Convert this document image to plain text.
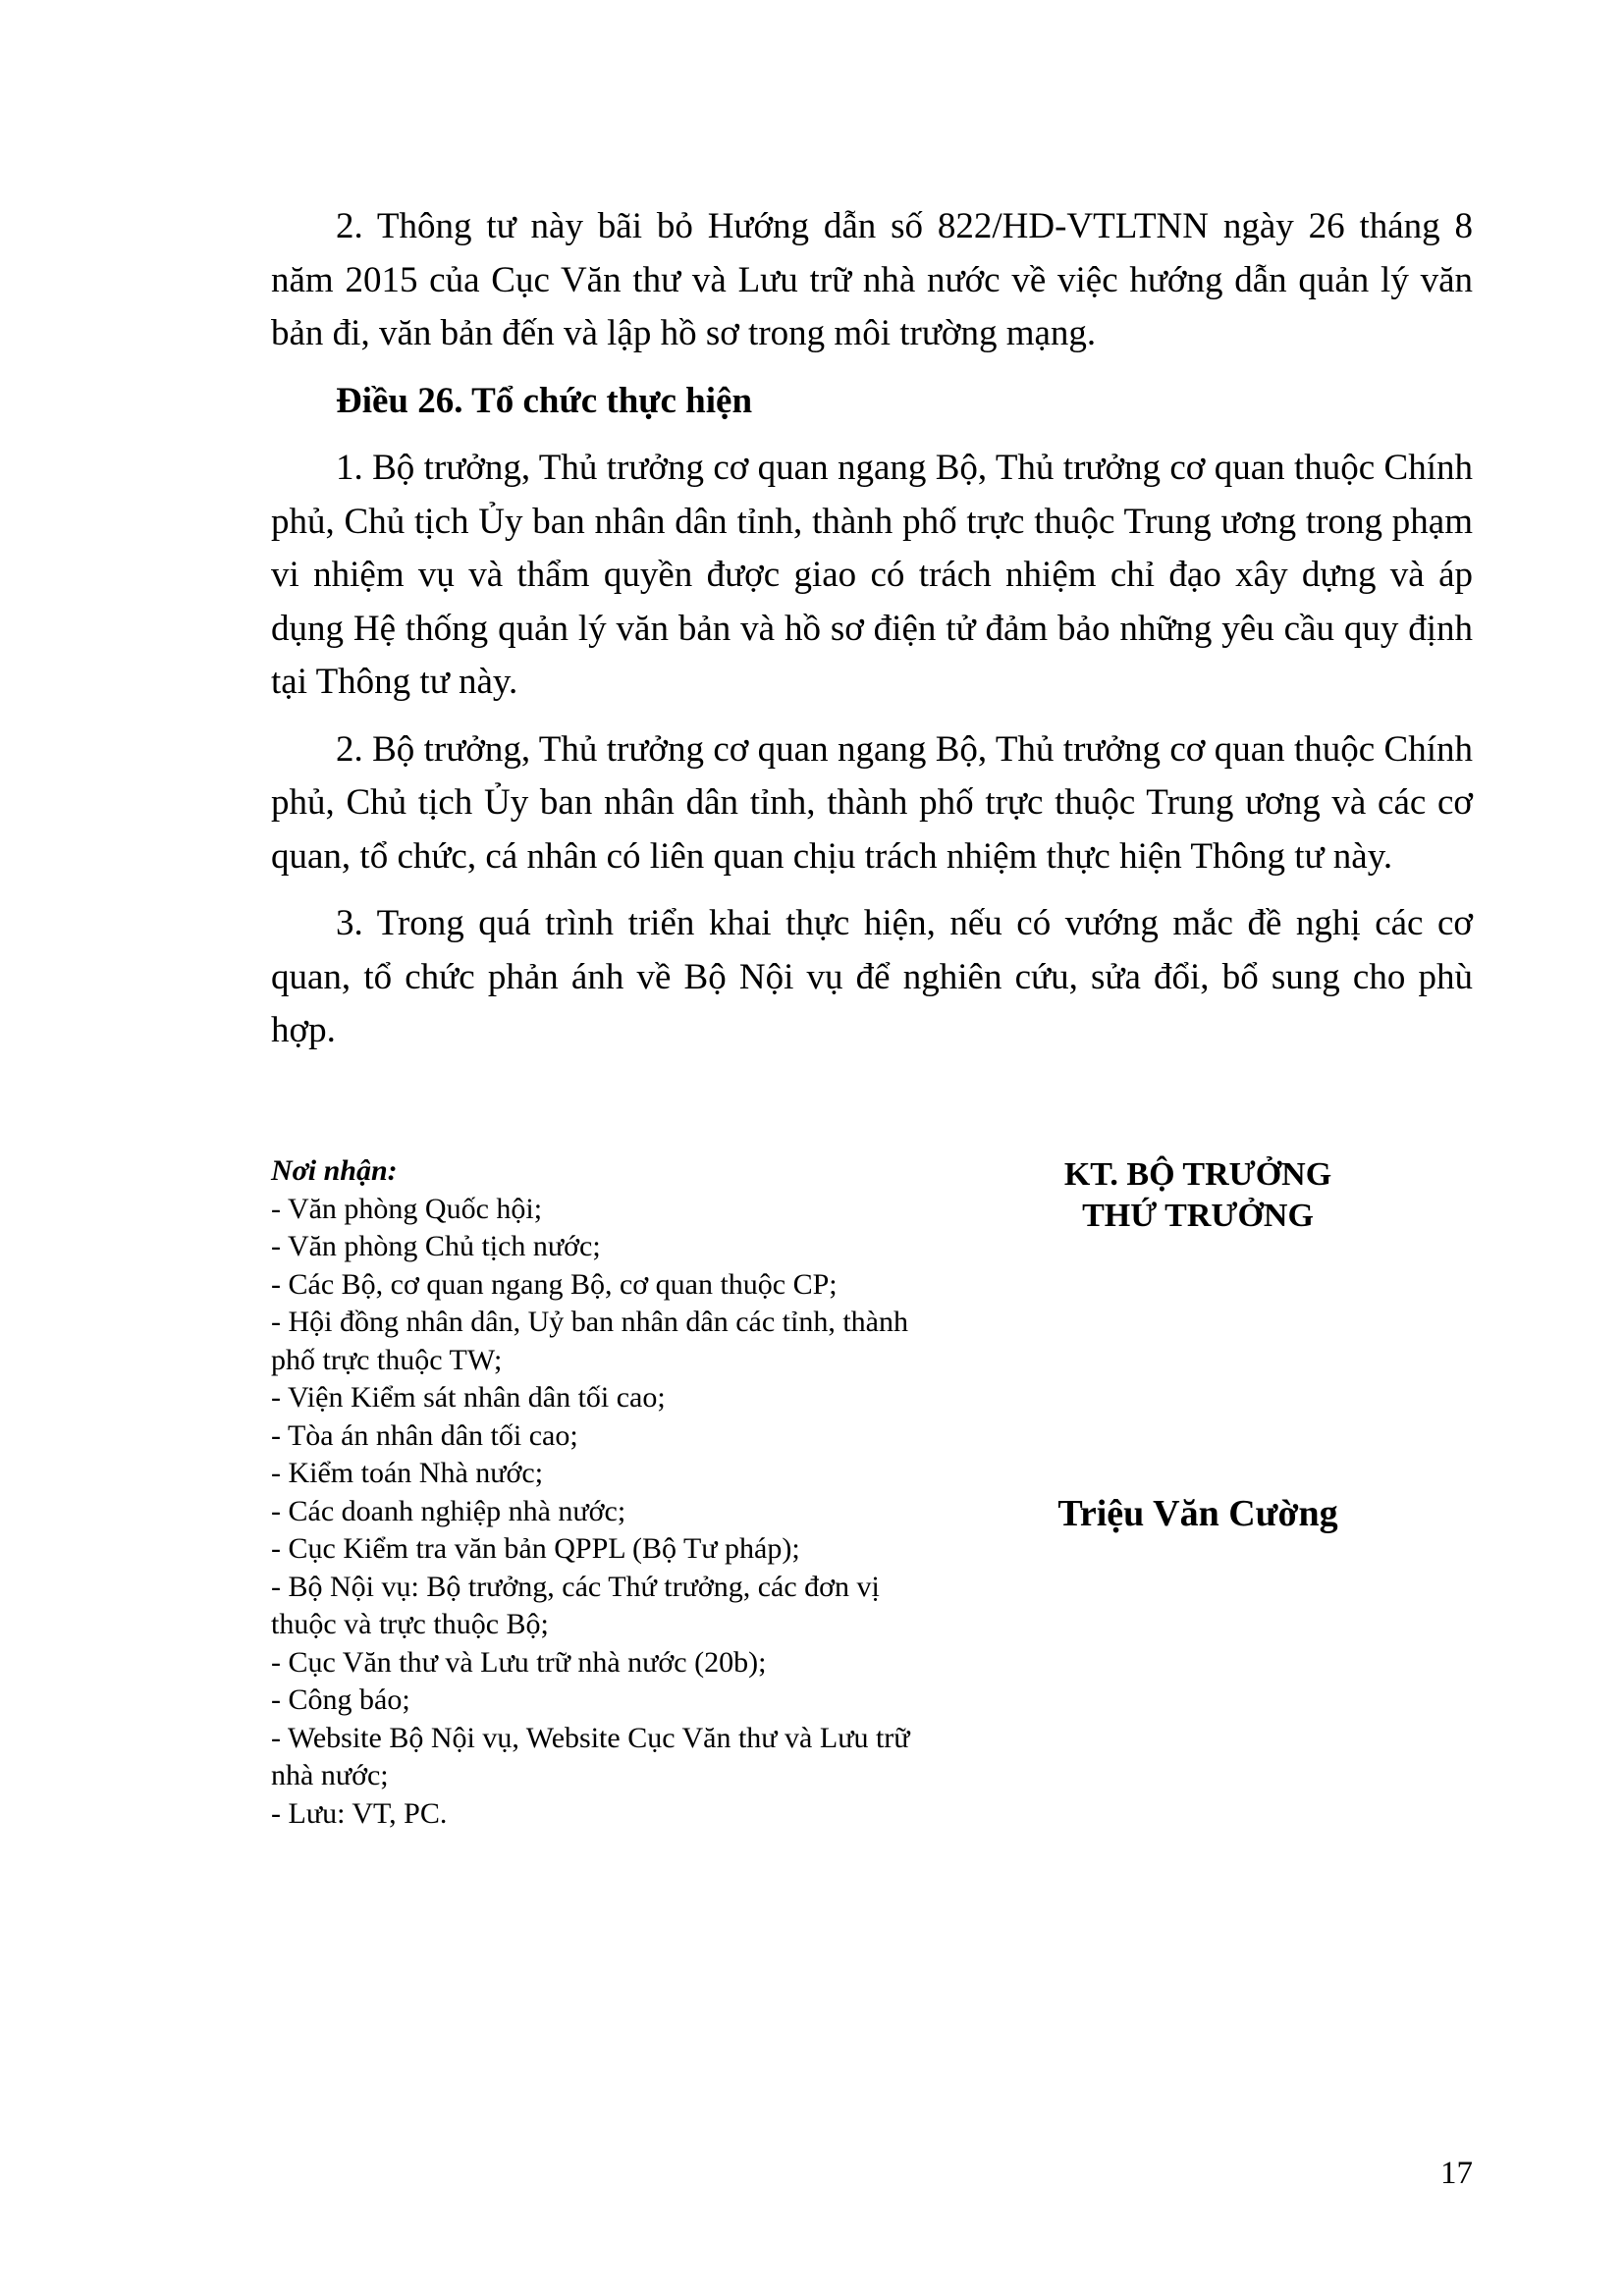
2. Thông tư này bãi bỏ Hướng dẫn số 822/HD-VTLTNN ngày 26 tháng 8 năm 2015 của Cục Văn thư và Lưu trữ nhà nước về việc hướng dẫn quản lý văn bản đi, văn bản đến và lập hồ sơ trong môi trường mạng.

Điều 26. Tổ chức thực hiện

1. Bộ trưởng, Thủ trưởng cơ quan ngang Bộ, Thủ trưởng cơ quan thuộc Chính phủ, Chủ tịch Ủy ban nhân dân tỉnh, thành phố trực thuộc Trung ương trong phạm vi nhiệm vụ và thẩm quyền được giao có trách nhiệm chỉ đạo xây dựng và áp dụng Hệ thống quản lý văn bản và hồ sơ điện tử đảm bảo những yêu cầu quy định tại Thông tư này.

2. Bộ trưởng, Thủ trưởng cơ quan ngang Bộ, Thủ trưởng cơ quan thuộc Chính phủ, Chủ tịch Ủy ban nhân dân tỉnh, thành phố trực thuộc Trung ương và các cơ quan, tổ chức, cá nhân có liên quan chịu trách nhiệm thực hiện Thông tư này.

3. Trong quá trình triển khai thực hiện, nếu có vướng mắc đề nghị các cơ quan, tổ chức phản ánh về Bộ Nội vụ để nghiên cứu, sửa đổi, bổ sung cho phù hợp.

Nơi nhận:

- Văn phòng Quốc hội;
- Văn phòng Chủ tịch nước;
- Các Bộ, cơ quan ngang Bộ, cơ quan thuộc CP;
- Hội đồng nhân dân, Uỷ ban nhân dân các tỉnh, thành phố trực thuộc TW;
- Viện Kiểm sát nhân dân tối cao;
- Tòa án nhân dân tối cao;
- Kiểm toán Nhà nước;
- Các doanh nghiệp nhà nước;
- Cục Kiểm tra văn bản QPPL (Bộ Tư pháp);
- Bộ Nội vụ: Bộ trưởng, các Thứ trưởng, các đơn vị thuộc và trực thuộc Bộ;
- Cục Văn thư và Lưu trữ nhà nước (20b);
- Công báo;
- Website Bộ Nội vụ, Website Cục Văn thư và Lưu trữ nhà nước;
- Lưu: VT, PC.

KT. BỘ TRƯỞNG

THỨ TRƯỞNG

Triệu Văn Cường
17
